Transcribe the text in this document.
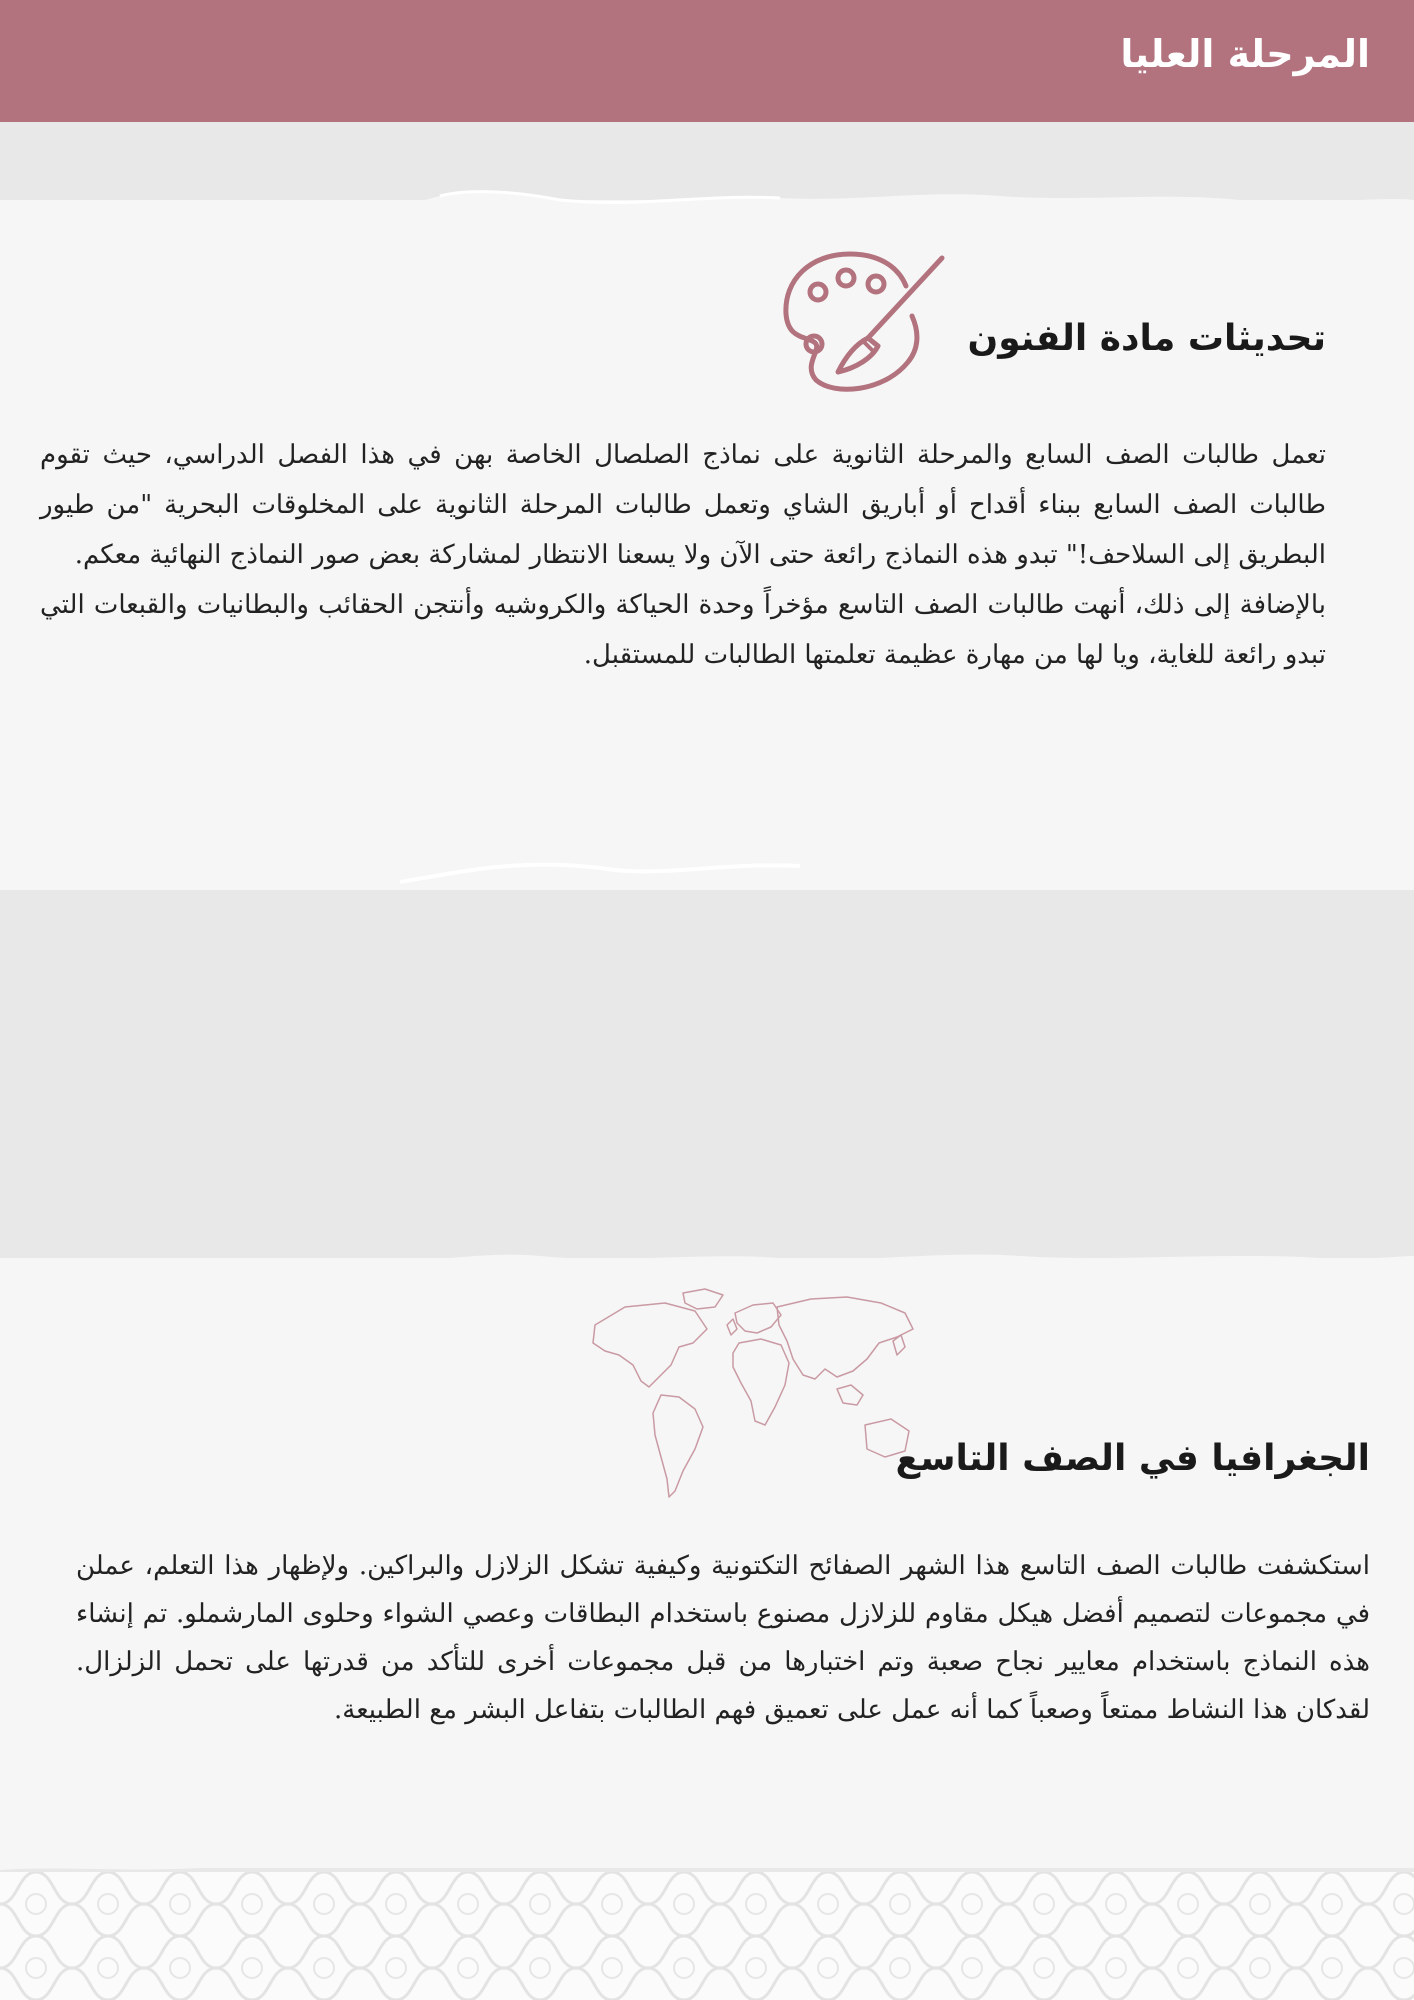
المرحلة العليا
تحديثات مادة الفنون

تعمل طالبات الصف السابع والمرحلة الثانوية على نماذج الصلصال الخاصة بهن في هذا الفصل الدراسي، حيث تقوم طالبات الصف السابع ببناء أقداح أو أباريق الشاي وتعمل طالبات المرحلة الثانوية على المخلوقات البحرية "من طيور البطريق إلى السلاحف!" تبدو هذه النماذج رائعة حتى الآن ولا يسعنا الانتظار لمشاركة بعض صور النماذج النهائية معكم.

بالإضافة إلى ذلك، أنهت طالبات الصف التاسع مؤخراً وحدة الحياكة والكروشيه وأنتجن الحقائب والبطانيات والقبعات التي تبدو رائعة للغاية، ويا لها من مهارة عظيمة تعلمتها الطالبات للمستقبل.

الجغرافيا في الصف التاسع

استكشفت طالبات الصف التاسع هذا الشهر الصفائح التكتونية وكيفية تشكل الزلازل والبراكين. ولإظهار هذا التعلم، عملن في مجموعات لتصميم أفضل هيكل مقاوم للزلازل مصنوع باستخدام البطاقات وعصي الشواء وحلوى المارشملو. تم إنشاء هذه النماذج باستخدام معايير نجاح صعبة وتم اختبارها من قبل مجموعات أخرى للتأكد من قدرتها على تحمل الزلزال. لقدكان هذا النشاط ممتعاً وصعباً كما أنه عمل على تعميق فهم الطالبات بتفاعل البشر مع الطبيعة.
